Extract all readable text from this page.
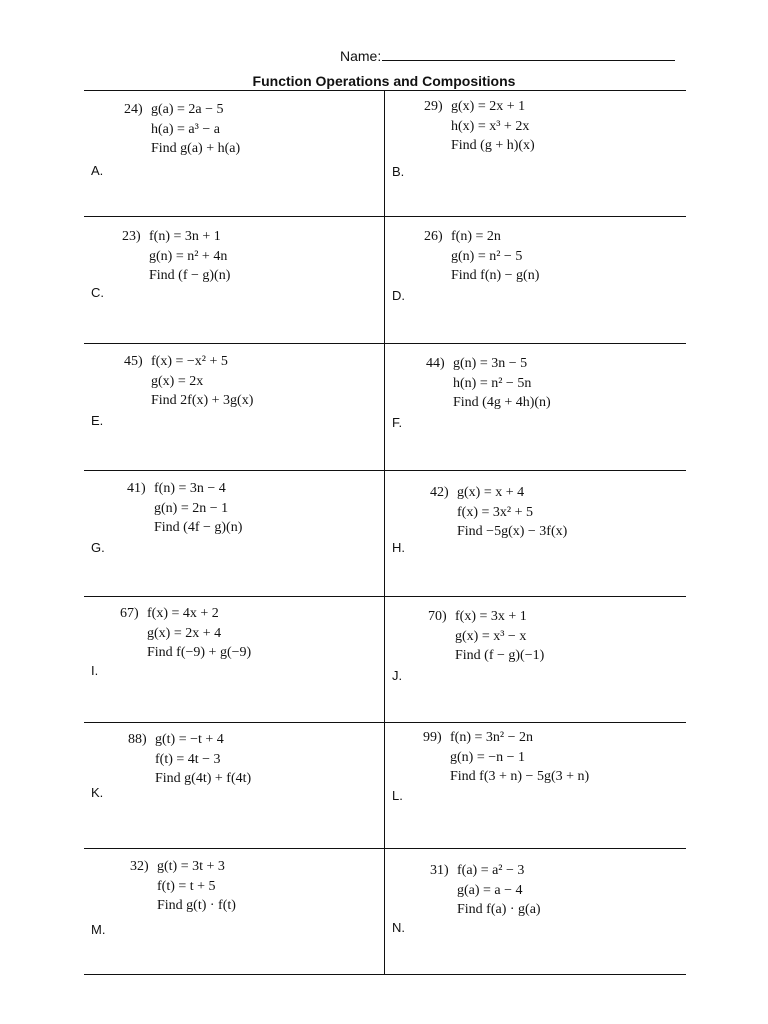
Name:
Function Operations and Compositions
24) g(a) = 2a − 5
h(a) = a³ − a
Find g(a) + h(a)
A.
29) g(x) = 2x + 1
h(x) = x³ + 2x
Find (g + h)(x)
B.
23) f(n) = 3n + 1
g(n) = n² + 4n
Find (f − g)(n)
C.
26) f(n) = 2n
g(n) = n² − 5
Find f(n) − g(n)
D.
45) f(x) = −x² + 5
g(x) = 2x
Find 2f(x) + 3g(x)
E.
44) g(n) = 3n − 5
h(n) = n² − 5n
Find (4g + 4h)(n)
F.
41) f(n) = 3n − 4
g(n) = 2n − 1
Find (4f − g)(n)
G.
42) g(x) = x + 4
f(x) = 3x² + 5
Find −5g(x) − 3f(x)
H.
67) f(x) = 4x + 2
g(x) = 2x + 4
Find f(−9) + g(−9)
I.
70) f(x) = 3x + 1
g(x) = x³ − x
Find (f − g)(−1)
J.
88) g(t) = −t + 4
f(t) = 4t − 3
Find g(4t) + f(4t)
K.
99) f(n) = 3n² − 2n
g(n) = −n − 1
Find f(3 + n) − 5g(3 + n)
L.
32) g(t) = 3t + 3
f(t) = t + 5
Find g(t) · f(t)
M.
31) f(a) = a² − 3
g(a) = a − 4
Find f(a) · g(a)
N.
